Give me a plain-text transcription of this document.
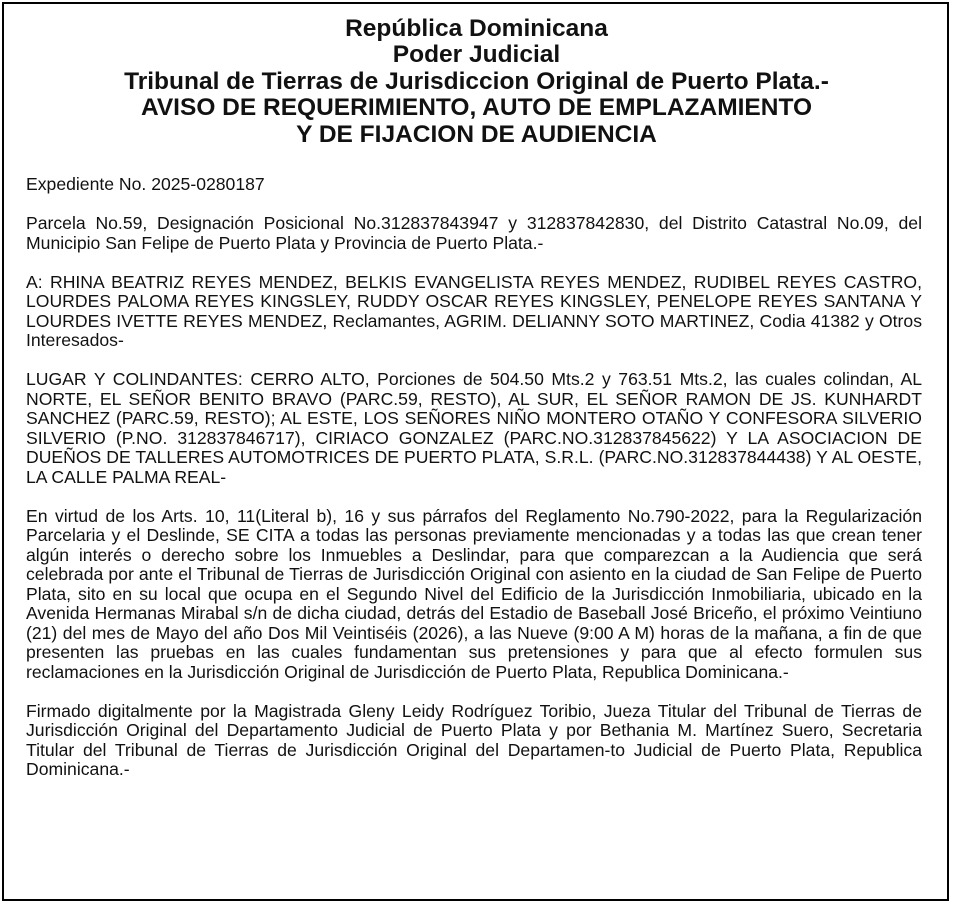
República Dominicana
Poder Judicial
Tribunal de Tierras de Jurisdiccion Original de Puerto Plata.-
AVISO DE REQUERIMIENTO, AUTO DE EMPLAZAMIENTO
Y DE FIJACION DE AUDIENCIA

Expediente No. 2025-0280187

Parcela No.59, Designación Posicional No.312837843947 y 312837842830, del Distrito Catastral No.09, del Municipio San Felipe de Puerto Plata y Provincia de Puerto Plata.-

A: RHINA BEATRIZ REYES MENDEZ, BELKIS EVANGELISTA REYES MENDEZ, RUDIBEL REYES CASTRO, LOURDES PALOMA REYES KINGSLEY, RUDDY OSCAR REYES KINGSLEY, PENELOPE REYES SANTANA Y LOURDES IVETTE REYES MENDEZ, Reclamantes, AGRIM. DELIANNY SOTO MARTINEZ, Codia 41382 y Otros Interesados-

LUGAR Y COLINDANTES: CERRO ALTO, Porciones de 504.50 Mts.2 y 763.51 Mts.2, las cuales colindan, AL NORTE, EL SEÑOR BENITO BRAVO (PARC.59, RESTO), AL SUR, EL SEÑOR RAMON DE JS. KUNHARDT SANCHEZ (PARC.59, RESTO); AL ESTE, LOS SEÑORES NIÑO MONTERO OTAÑO Y CONFESORA SILVERIO SILVERIO (P.NO. 312837846717), CIRIACO GONZALEZ (PARC.NO.312837845622) Y LA ASOCIACION DE DUEÑOS DE TALLERES AUTOMOTRICES DE PUERTO PLATA, S.R.L. (PARC.NO.312837844438) Y AL OESTE, LA CALLE PALMA REAL-

En virtud de los Arts. 10, 11(Literal b), 16 y sus párrafos del Reglamento No.790-2022, para la Regularización Parcelaria y el Deslinde, SE CITA a todas las personas previamente mencionadas y a todas las que crean tener algún interés o derecho sobre los Inmuebles a Deslindar, para que comparezcan a la Audiencia que será celebrada por ante el Tribunal de Tierras de Jurisdicción Original con asiento en la ciudad de San Felipe de Puerto Plata, sito en su local que ocupa en el Segundo Nivel del Edificio de la Jurisdicción Inmobiliaria, ubicado en la Avenida Hermanas Mirabal s/n de dicha ciudad, detrás del Estadio de Baseball José Briceño, el próximo Veintiuno (21) del mes de Mayo del año Dos Mil Veintiséis (2026), a las Nueve (9:00 A M) horas de la mañana, a fin de que presenten las pruebas en las cuales fundamentan sus pretensiones y para que al efecto formulen sus reclamaciones en la Jurisdicción Original de Jurisdicción de Puerto Plata, Republica Dominicana.-

Firmado digitalmente por la Magistrada Gleny Leidy Rodríguez Toribio, Jueza Titular del Tribunal de Tierras de Jurisdicción Original del Departamento Judicial de Puerto Plata y por Bethania M. Martínez Suero, Secretaria Titular del Tribunal de Tierras de Jurisdicción Original del Departamen-to Judicial de Puerto Plata, Republica Dominicana.-
